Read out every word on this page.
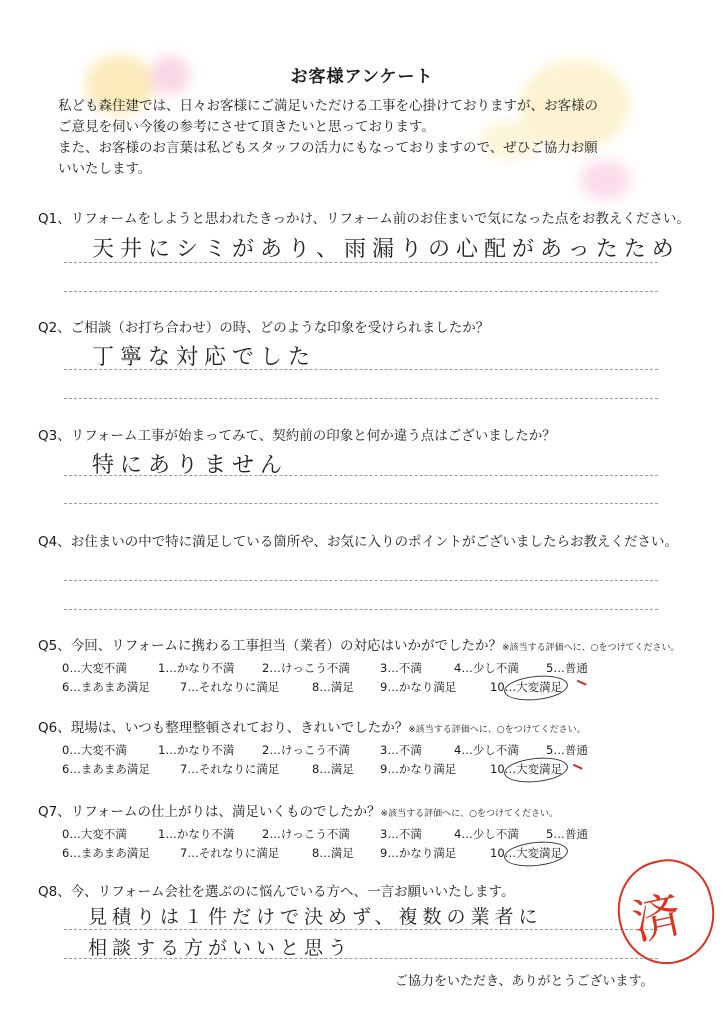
お客様アンケート

私ども森住建では、日々お客様にご満足いただける工事を心掛けておりますが、お客様の

ご意見を伺い今後の参考にさせて頂きたいと思っております。

また、お客様のお言葉は私どもスタッフの活力にもなっておりますので、ぜひご協力お願

いいたします。

Q1、リフォームをしようと思われたきっかけ、リフォーム前のお住まいで気になった点をお教えください。
天井にシミがあり、雨漏りの心配があったため
Q2、ご相談（お打ち合わせ）の時、どのような印象を受けられましたか？
丁寧な対応でした
Q3、リフォーム工事が始まってみて、契約前の印象と何か違う点はございましたか？
特にありません
Q4、お住まいの中で特に満足している箇所や、お気に入りのポイントがございましたらお教えください。
Q5、今回、リフォームに携わる工事担当（業者）の対応はいかがでしたか？※該当する評価へに、○をつけてください。
0…大変不満	1…かなり不満 2…けっこう不満	3…不満	4…少し不満 5…普通
6…まあまあ満足	7…それなりに満足	8…満足 9…かなり満足	10…大変満足
Q6、現場は、いつも整理整頓されており、きれいでしたか？※該当する評価へに、○をつけてください。
0…大変不満	1…かなり不満 2…けっこう不満	3…不満	4…少し不満 5…普通
6…まあまあ満足	7…それなりに満足	8…満足 9…かなり満足	10…大変満足
Q7、リフォームの仕上がりは、満足いくものでしたか？※該当する評価へに、○をつけてください。
0…大変不満	1…かなり不満 2…けっこう不満	3…不満	4…少し不満 5…普通
6…まあまあ満足	7…それなりに満足	8…満足 9…かなり満足	10…大変満足
Q8、今、リフォーム会社を選ぶのに悩んでいる方へ、一言お願いいたします。
見積りは１件だけで決めず、複数の業者に
相談する方がいいと思う	済
ご協力をいただき、ありがとうございます。
